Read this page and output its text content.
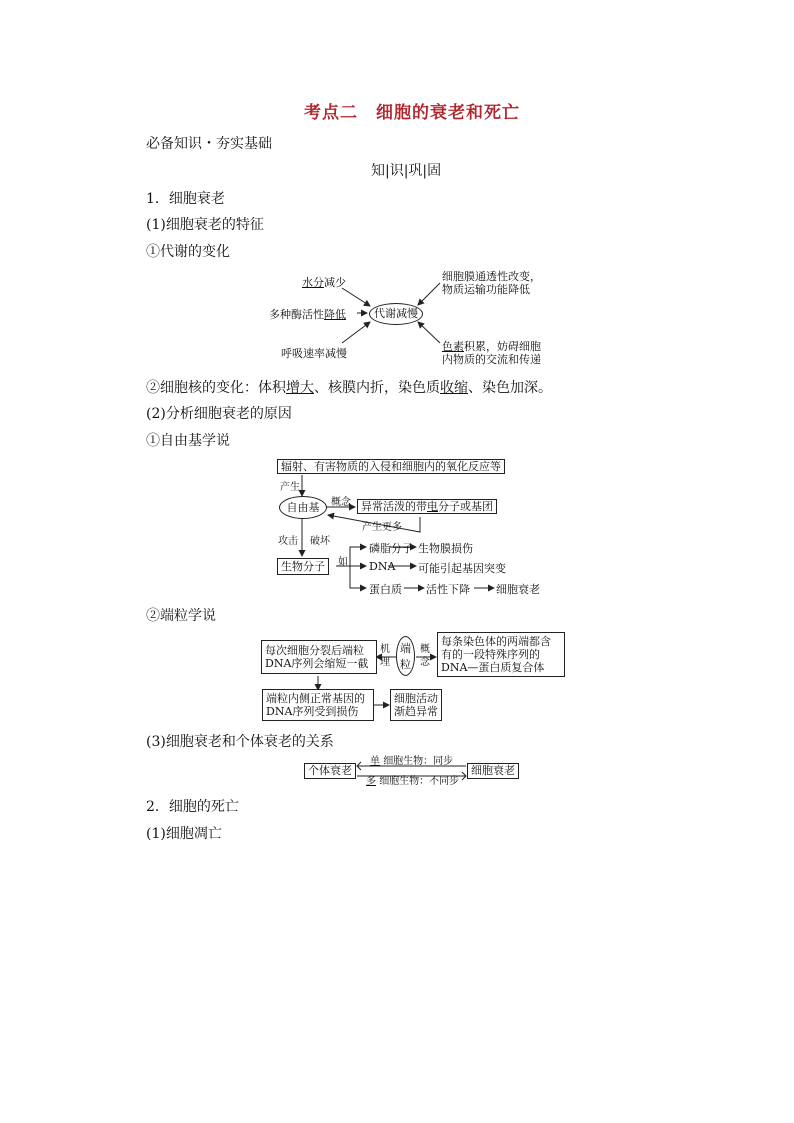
考点二　细胞的衰老和死亡
必备知识・夯实基础
知|识|巩|固
1．细胞衰老
(1)细胞衰老的特征
①代谢的变化
水分减少
多种酶活性降低
呼吸速率减慢
代谢减慢
细胞膜通透性改变，
物质运输功能降低
色素积累，妨碍细胞
内物质的交流和传递
②细胞核的变化：体积增大、核膜内折，染色质收缩、染色加深。
(2)分析细胞衰老的原因
①自由基学说
辐射、有害物质的入侵和细胞内的氧化反应等
产生
自由基	概念 异常活泼的带电分子或基团
产生更多
攻击 破坏
生物分子	如
磷脂分子 生物膜损伤
DNA 可能引起基因突变
蛋白质 活性下降 细胞衰老
②端粒学说
每次细胞分裂后端粒
DNA序列会缩短一截
机
理
端
粒
概
念
每条染色体的两端都含
有的一段特殊序列的
DNA—蛋白质复合体
端粒内侧正常基因的
DNA序列受到损伤
细胞活动
渐趋异常
(3)细胞衰老和个体衰老的关系
个体衰老	细胞衰老
单 细胞生物：同步
多 细胞生物：不同步
2．细胞的死亡
(1)细胞凋亡
